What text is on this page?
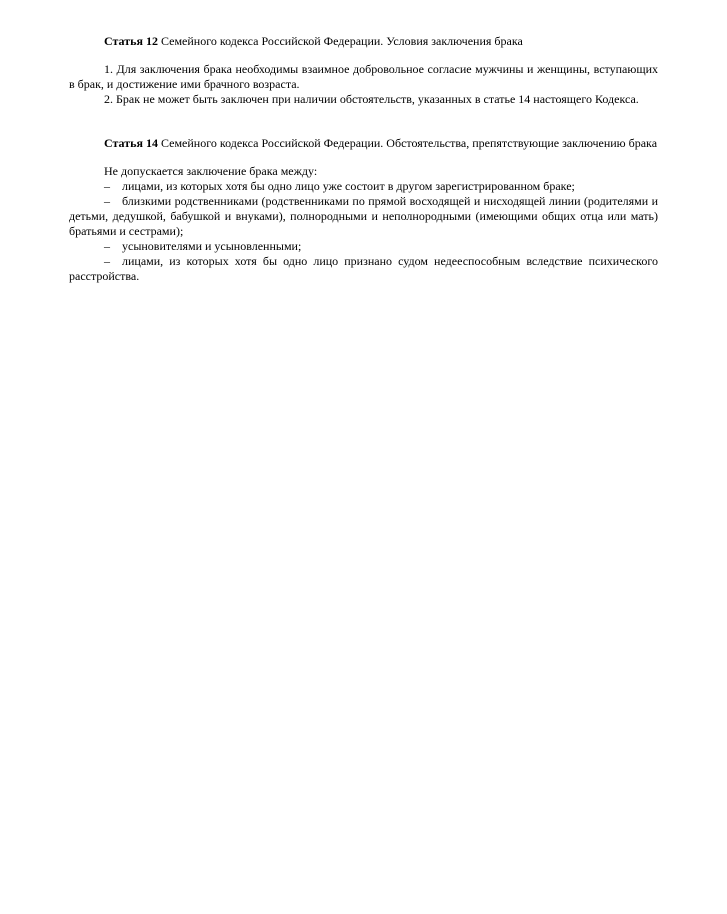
Статья 12 Семейного кодекса Российской Федерации. Условия заключения брака

1. Для заключения брака необходимы взаимное добровольное согласие мужчины и женщины, вступающих в брак, и достижение ими брачного возраста.

2. Брак не может быть заключен при наличии обстоятельств, указанных в статье 14 настоящего Кодекса.

Статья 14 Семейного кодекса Российской Федерации. Обстоятельства, препятствующие заключению брака

Не допускается заключение брака между:

– лицами, из которых хотя бы одно лицо уже состоит в другом зарегистрированном браке;

– близкими родственниками (родственниками по прямой восходящей и нисходящей линии (родителями и детьми, дедушкой, бабушкой и внуками), полнородными и неполнородными (имеющими общих отца или мать) братьями и сестрами);

– усыновителями и усыновленными;

– лицами, из которых хотя бы одно лицо признано судом недееспособным вследствие психического расстройства.
